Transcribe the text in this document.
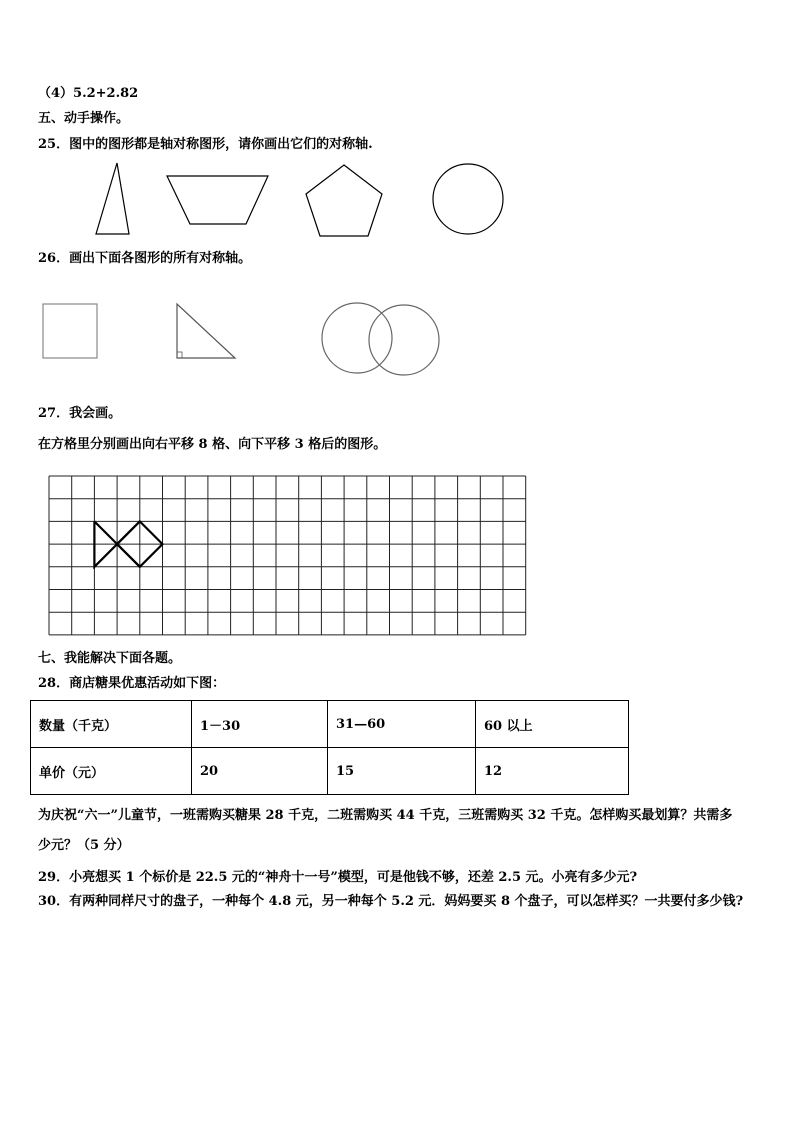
（4）5.2+2.82
五、动手操作。
25．图中的图形都是轴对称图形，请你画出它们的对称轴.
26．画出下面各图形的所有对称轴。
27．我会画。
在方格里分别画出向右平移 8 格、向下平移 3 格后的图形。
七、我能解决下面各题。
28．商店糖果优惠活动如下图：
数量（千克）	1－30	31—60	60 以上
单价（元）	20	15	12
为庆祝“六一”儿童节，一班需购买糖果 28 千克，二班需购买 44 千克，三班需购买 32 千克。怎样购买最划算？共需多
少元？（5 分）
29．小亮想买 1 个标价是 22.5 元的“神舟十一号”模型，可是他钱不够，还差 2.5 元。小亮有多少元?
30．有两种同样尺寸的盘子，一种每个 4.8 元，另一种每个 5.2 元．妈妈要买 8 个盘子，可以怎样买？一共要付多少钱?
